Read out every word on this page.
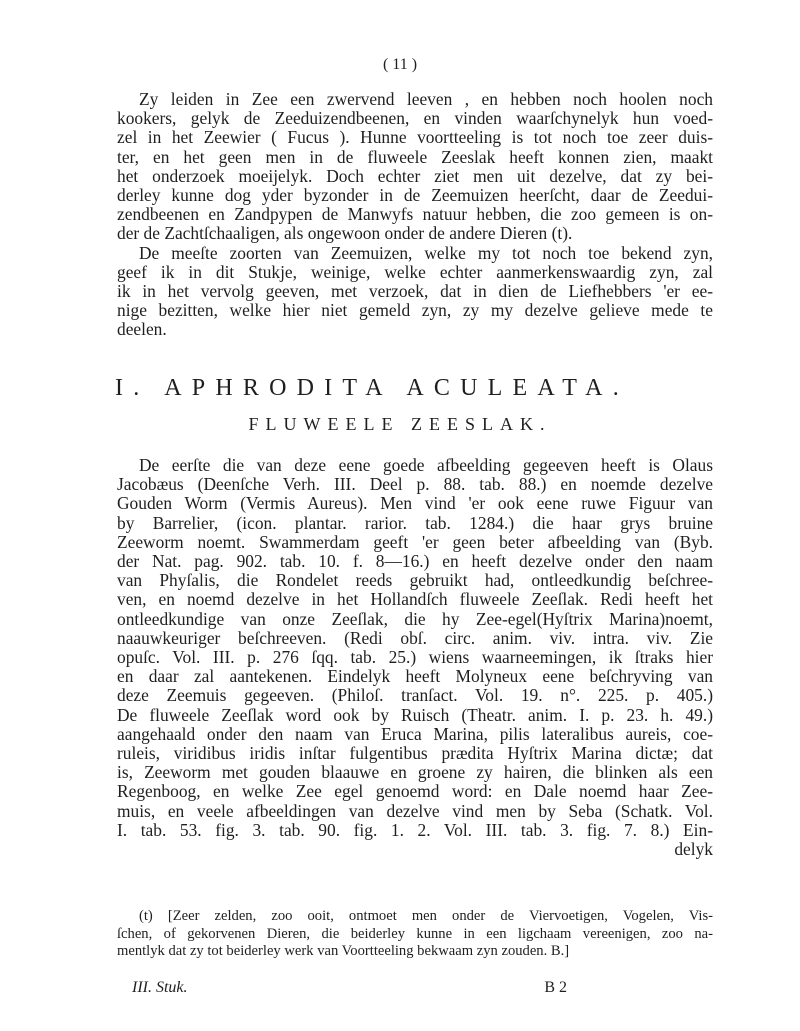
( 11 )
Zy leiden in Zee een zwervend leeven , en hebben noch hoolen noch
kookers, gelyk de Zeeduizendbeenen, en vinden waarſchynelyk hun voed-
zel in het Zeewier ( Fucus ). Hunne voortteeling is tot noch toe zeer duis-
ter, en het geen men in de fluweele Zeeslak heeft konnen zien, maakt
het onderzoek moeijelyk. Doch echter ziet men uit dezelve, dat zy bei-
derley kunne dog yder byzonder in de Zeemuizen heerſcht, daar de Zeedui-
zendbeenen en Zandpypen de Manwyfs natuur hebben, die zoo gemeen is on-
der de Zachtſchaaligen, als ongewoon onder de andere Dieren (t).
De meeſte zoorten van Zeemuizen, welke my tot noch toe bekend zyn,
geef ik in dit Stukje, weinige, welke echter aanmerkenswaardig zyn, zal
ik in het vervolg geeven, met verzoek, dat in dien de Liefhebbers 'er ee-
nige bezitten, welke hier niet gemeld zyn, zy my dezelve gelieve mede te
deelen.
I. APHRODITA ACULEATA.
FLUWEELE ZEESLAK.
De eerſte die van deze eene goede afbeelding gegeeven heeft is Olaus
Jacobæus (Deenſche Verh. III. Deel p. 88. tab. 88.) en noemde dezelve
Gouden Worm (Vermis Aureus). Men vind 'er ook eene ruwe Figuur van
by Barrelier, (icon. plantar. rarior. tab. 1284.) die haar grys bruine
Zeeworm noemt. Swammerdam geeft 'er geen beter afbeelding van (Byb.
der Nat. pag. 902. tab. 10. f. 8—16.) en heeft dezelve onder den naam
van Phyſalis, die Rondelet reeds gebruikt had, ontleedkundig beſchree-
ven, en noemd dezelve in het Hollandſch fluweele Zeeſlak. Redi heeft het
ontleedkundige van onze Zeeſlak, die hy Zee-egel(Hyſtrix Marina)noemt,
naauwkeuriger beſchreeven. (Redi obſ. circ. anim. viv. intra. viv. Zie
opuſc. Vol. III. p. 276 ſqq. tab. 25.) wiens waarneemingen, ik ſtraks hier
en daar zal aantekenen. Eindelyk heeft Molyneux eene beſchryving van
deze Zeemuis gegeeven. (Philoſ. tranſact. Vol. 19. n°. 225. p. 405.)
De fluweele Zeeſlak word ook by Ruisch (Theatr. anim. I. p. 23. h. 49.)
aangehaald onder den naam van Eruca Marina, pilis lateralibus aureis, coe-
ruleis, viridibus iridis inſtar fulgentibus prædita Hyſtrix Marina dictæ; dat
is, Zeeworm met gouden blaauwe en groene zy hairen, die blinken als een
Regenboog, en welke Zee egel genoemd word: en Dale noemd haar Zee-
muis, en veele afbeeldingen van dezelve vind men by Seba (Schatk. Vol.
I. tab. 53. fig. 3. tab. 90. fig. 1. 2. Vol. III. tab. 3. fig. 7. 8.) Ein-
delyk
(t) [Zeer zelden, zoo ooit, ontmoet men onder de Viervoetigen, Vogelen, Vis-
ſchen, of gekorvenen Dieren, die beiderley kunne in een ligchaam vereenigen, zoo na-
mentlyk dat zy tot beiderley werk van Voortteeling bekwaam zyn zouden. B.]
III. Stuk.	B 2
